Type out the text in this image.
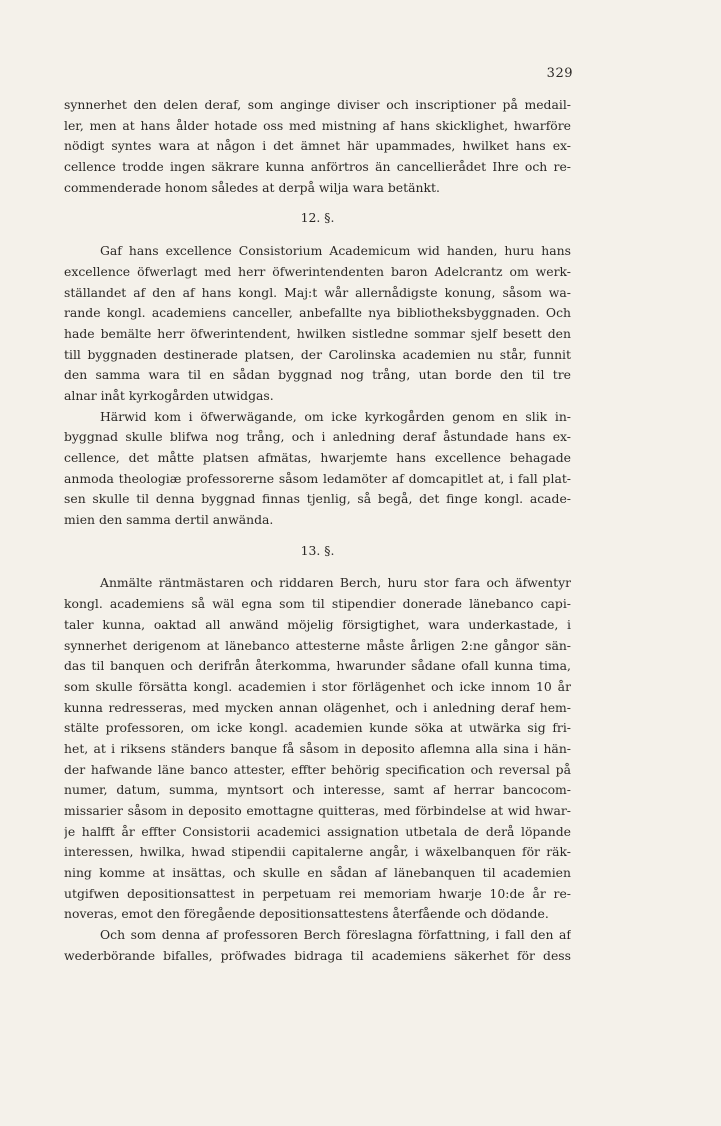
329
synnerhet den delen deraf, som anginge diviser och inscriptioner på medail-
ler, men at hans ålder hotade oss med mistning af hans skicklighet, hwarföre
nödigt syntes wara at någon i det ämnet här upammades, hwilket hans ex-
cellence trodde ingen säkrare kunna anförtros än cancellierådet Ihre och re-
commenderade honom således at derpå wilja wara betänkt.
12. §.
Gaf hans excellence Consistorium Academicum wid handen, huru hans
excellence öfwerlagt med herr öfwerintendenten baron Adelcrantz om werk-
ställandet af den af hans kongl. Maj:t wår allernådigste konung, såsom wa-
rande kongl. academiens canceller, anbefallte nya bibliotheksbyggnaden. Och
hade bemälte herr öfwerintendent, hwilken sistledne sommar sjelf besett den
till byggnaden destinerade platsen, der Carolinska academien nu står, funnit
den samma wara til en sådan byggnad nog trång, utan borde den til tre
alnar inåt kyrkogården utwidgas.
Härwid kom i öfwerwägande, om icke kyrkogården genom en slik in-
byggnad skulle blifwa nog trång, och i anledning deraf åstundade hans ex-
cellence, det måtte platsen afmätas, hwarjemte hans excellence behagade
anmoda theologiæ professorerne såsom ledamöter af domcapitlet at, i fall plat-
sen skulle til denna byggnad finnas tjenlig, så begå, det finge kongl. acade-
mien den samma dertil anwända.
13. §.
Anmälte räntmästaren och riddaren Berch, huru stor fara och äfwentyr
kongl. academiens så wäl egna som til stipendier donerade länebanco capi-
taler kunna, oaktad all anwänd möjelig försigtighet, wara underkastade, i
synnerhet derigenom at länebanco attesterne måste årligen 2:ne gångor sän-
das til banquen och derifrån återkomma, hwarunder sådane ofall kunna tima,
som skulle försätta kongl. academien i stor förlägenhet och icke innom 10 år
kunna redresseras, med mycken annan olägenhet, och i anledning deraf hem-
stälte professoren, om icke kongl. academien kunde söka at utwärka sig fri-
het, at i riksens ständers banque få såsom in deposito aflemna alla sina i hän-
der hafwande läne banco attester, effter behörig specification och reversal på
numer, datum, summa, myntsort och interesse, samt af herrar bancocom-
missarier såsom in deposito emottagne quitteras, med förbindelse at wid hwar-
je halfft år effter Consistorii academici assignation utbetala de derå löpande
interessen, hwilka, hwad stipendii capitalerne angår, i wäxelbanquen för räk-
ning komme at insättas, och skulle en sådan af länebanquen til academien
utgifwen depositionsattest in perpetuam rei memoriam hwarje 10:de år re-
noveras, emot den föregående depositionsattestens återfående och dödande.
Och som denna af professoren Berch föreslagna författning, i fall den af
wederbörande bifalles, pröfwades bidraga til academiens säkerhet för dess
